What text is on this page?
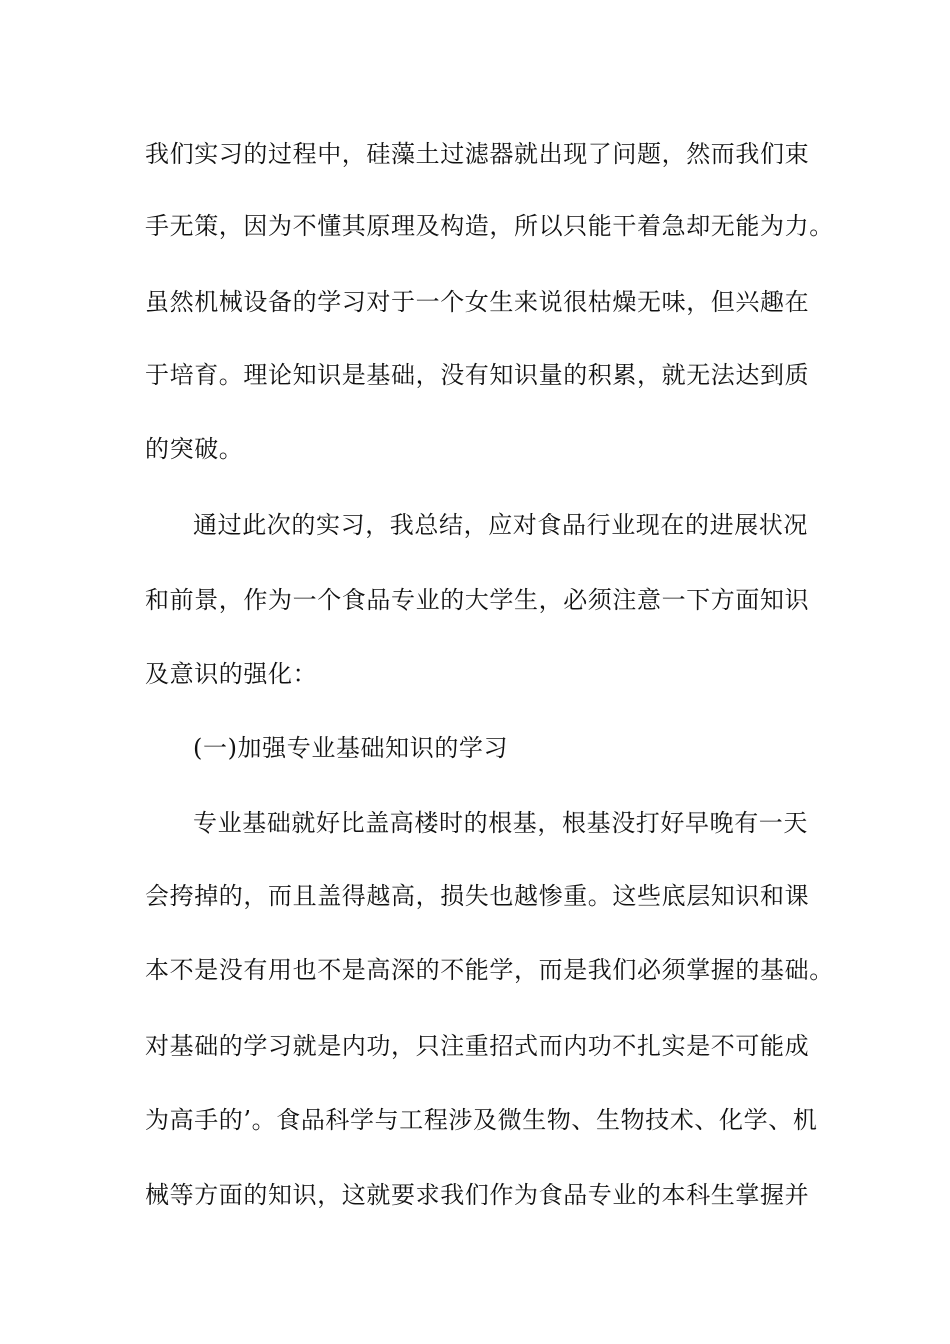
我们实习的过程中，硅藻土过滤器就出现了问题，然而我们束
手无策，因为不懂其原理及构造，所以只能干着急却无能为力。
虽然机械设备的学习对于一个女生来说很枯燥无味，但兴趣在
于培育。理论知识是基础，没有知识量的积累，就无法达到质
的突破。
通过此次的实习，我总结，应对食品行业现在的进展状况
和前景，作为一个食品专业的大学生，必须注意一下方面知识
及意识的强化：
(一)加强专业基础知识的学习
专业基础就好比盖高楼时的根基，根基没打好早晚有一天
会挎掉的，而且盖得越高，损失也越惨重。这些底层知识和课
本不是没有用也不是高深的不能学，而是我们必须掌握的基础。
对基础的学习就是内功，只注重招式而内功不扎实是不可能成
为高手的’。食品科学与工程涉及微生物、生物技术、化学、机
械等方面的知识，这就要求我们作为食品专业的本科生掌握并
